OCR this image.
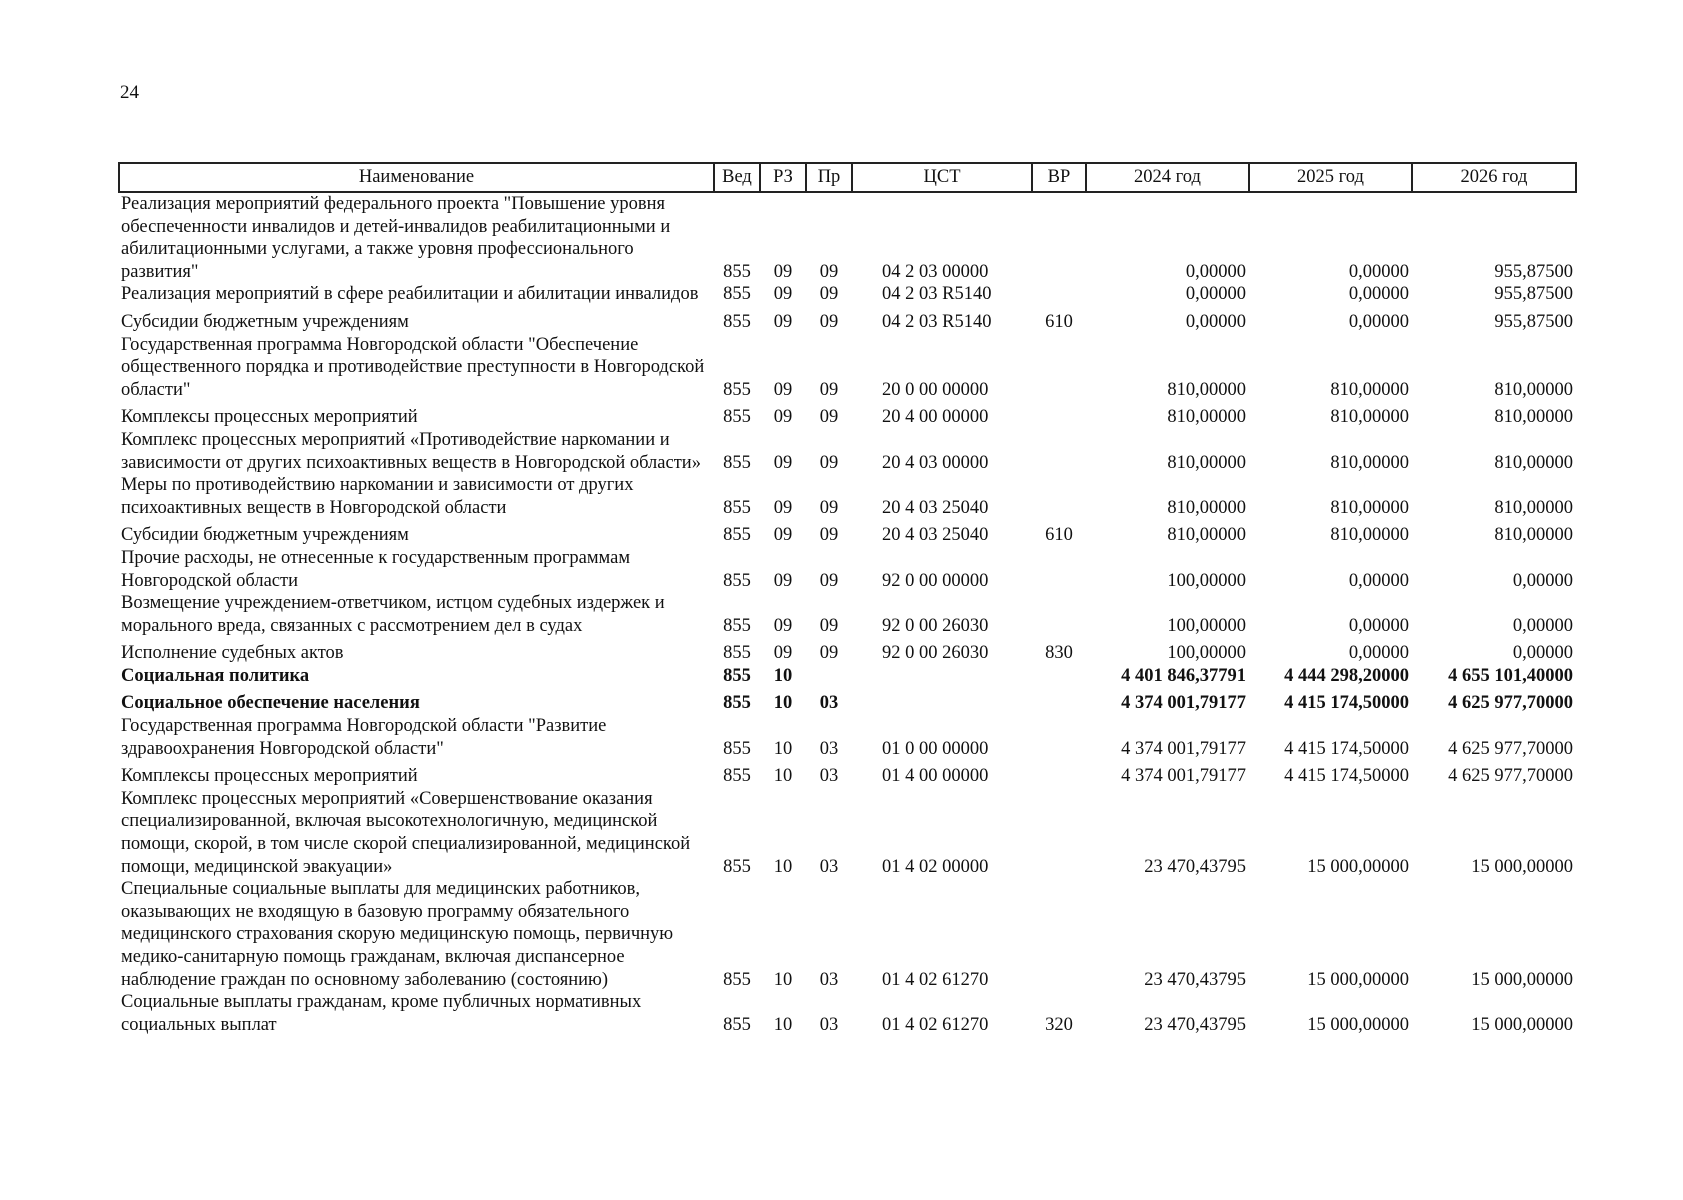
24
Наименование	Вед	РЗ	Пр	ЦСТ	ВР	2024 год	2025 год	2026 год
Реализация мероприятий федерального проекта "Повышение уровня обеспеченности инвалидов и детей-инвалидов реабилитационными и абилитационными услугами, а также уровня профессионального развития"	855	09	09	04 2 03 00000		0,00000	0,00000	955,87500
Реализация мероприятий в сфере реабилитации и абилитации инвалидов	855	09	09	04 2 03 R5140		0,00000	0,00000	955,87500
Субсидии бюджетным учреждениям	855	09	09	04 2 03 R5140	610	0,00000	0,00000	955,87500
Государственная программа Новгородской области "Обеспечение общественного порядка и противодействие преступности в Новгородской области"	855	09	09	20 0 00 00000		810,00000	810,00000	810,00000
Комплексы процессных мероприятий	855	09	09	20 4 00 00000		810,00000	810,00000	810,00000
Комплекс процессных мероприятий «Противодействие наркомании и зависимости от других психоактивных веществ в Новгородской области»	855	09	09	20 4 03 00000		810,00000	810,00000	810,00000
Меры по противодействию наркомании и зависимости от других психоактивных веществ в Новгородской области	855	09	09	20 4 03 25040		810,00000	810,00000	810,00000
Субсидии бюджетным учреждениям	855	09	09	20 4 03 25040	610	810,00000	810,00000	810,00000
Прочие расходы, не отнесенные к государственным программам Новгородской области	855	09	09	92 0 00 00000		100,00000	0,00000	0,00000
Возмещение учреждением-ответчиком, истцом судебных издержек и морального вреда, связанных с рассмотрением дел в судах	855	09	09	92 0 00 26030		100,00000	0,00000	0,00000
Исполнение судебных актов	855	09	09	92 0 00 26030	830	100,00000	0,00000	0,00000
Социальная политика	855	10				4 401 846,37791	4 444 298,20000	4 655 101,40000
Социальное обеспечение населения	855	10	03			4 374 001,79177	4 415 174,50000	4 625 977,70000
Государственная программа Новгородской области "Развитие здравоохранения Новгородской области"	855	10	03	01 0 00 00000		4 374 001,79177	4 415 174,50000	4 625 977,70000
Комплексы процессных мероприятий	855	10	03	01 4 00 00000		4 374 001,79177	4 415 174,50000	4 625 977,70000
Комплекс процессных мероприятий «Совершенствование оказания специализированной, включая высокотехнологичную, медицинской помощи, скорой, в том числе скорой специализированной, медицинской помощи, медицинской эвакуации»	855	10	03	01 4 02 00000		23 470,43795	15 000,00000	15 000,00000
Специальные социальные выплаты для медицинских работников, оказывающих не входящую в базовую программу обязательного медицинского страхования скорую медицинскую помощь, первичную медико-санитарную помощь гражданам, включая диспансерное наблюдение граждан по основному заболеванию (состоянию)	855	10	03	01 4 02 61270		23 470,43795	15 000,00000	15 000,00000
Социальные выплаты гражданам, кроме публичных нормативных социальных выплат	855	10	03	01 4 02 61270	320	23 470,43795	15 000,00000	15 000,00000
